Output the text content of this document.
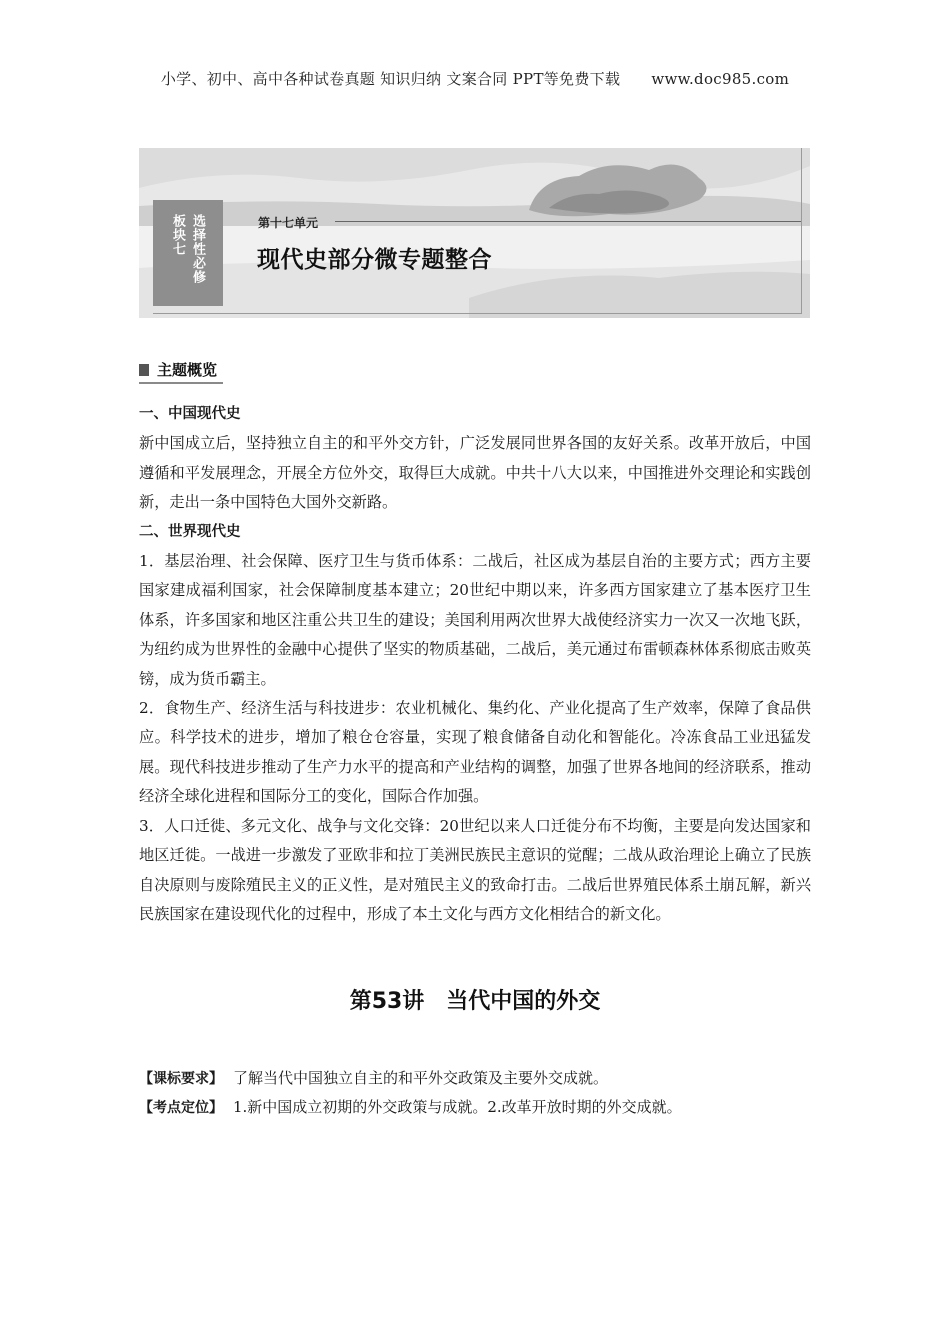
小学、初中、高中各种试卷真题 知识归纳 文案合同 PPT等免费下载 www.doc985.com
板块七 选择性必修	第十七单元
现代史部分微专题整合
主题概览

一、中国现代史

新中国成立后，坚持独立自主的和平外交方针，广泛发展同世界各国的友好关系。改革开放后，中国遵循和平发展理念，开展全方位外交，取得巨大成就。中共十八大以来，中国推进外交理论和实践创新，走出一条中国特色大国外交新路。

二、世界现代史

1．基层治理、社会保障、医疗卫生与货币体系：二战后，社区成为基层自治的主要方式；西方主要国家建成福利国家，社会保障制度基本建立；20世纪中期以来，许多西方国家建立了基本医疗卫生体系，许多国家和地区注重公共卫生的建设；美国利用两次世界大战使经济实力一次又一次地飞跃，为纽约成为世界性的金融中心提供了坚实的物质基础，二战后，美元通过布雷顿森林体系彻底击败英镑，成为货币霸主。

2．食物生产、经济生活与科技进步：农业机械化、集约化、产业化提高了生产效率，保障了食品供应。科学技术的进步，增加了粮仓仓容量，实现了粮食储备自动化和智能化。冷冻食品工业迅猛发展。现代科技进步推动了生产力水平的提高和产业结构的调整，加强了世界各地间的经济联系，推动经济全球化进程和国际分工的变化，国际合作加强。

3．人口迁徙、多元文化、战争与文化交锋：20世纪以来人口迁徙分布不均衡，主要是向发达国家和地区迁徙。一战进一步激发了亚欧非和拉丁美洲民族民主意识的觉醒；二战从政治理论上确立了民族自决原则与废除殖民主义的正义性，是对殖民主义的致命打击。二战后世界殖民体系土崩瓦解，新兴民族国家在建设现代化的过程中，形成了本土文化与西方文化相结合的新文化。

第53讲　当代中国的外交
【课标要求】 了解当代中国独立自主的和平外交政策及主要外交成就。
【考点定位】 1.新中国成立初期的外交政策与成就。2.改革开放时期的外交成就。
